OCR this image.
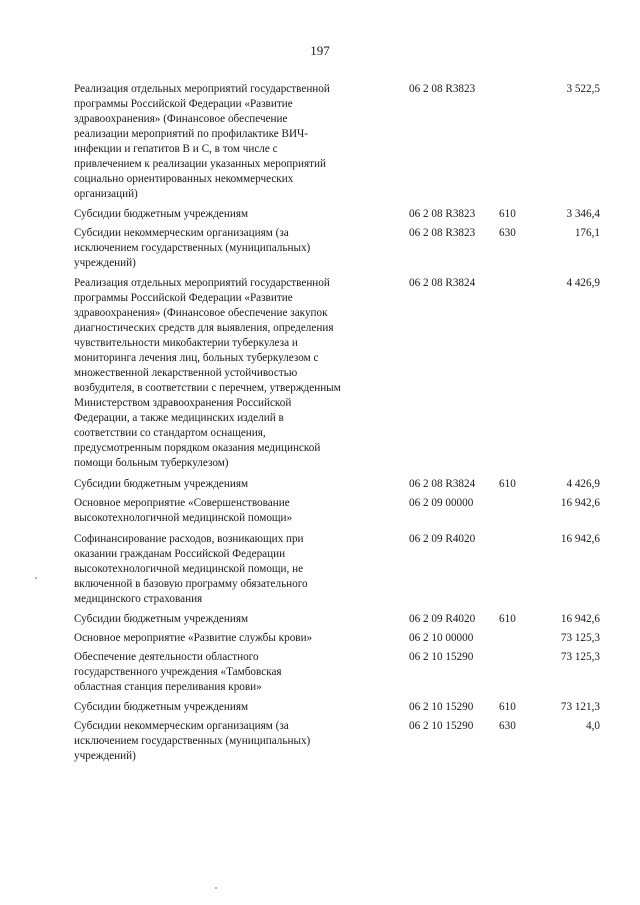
197
Реализация отдельных мероприятий государственной
программы Российской Федерации «Развитие
здравоохранения» (Финансовое обеспечение
реализации мероприятий по профилактике ВИЧ-
инфекции и гепатитов В и С, в том числе с
привлечением к реализации указанных мероприятий
социально ориентированных некоммерческих
организаций)
06 2 08 R3823	3 522,5
Субсидии бюджетным учреждениям	06 2 08 R3823 610	3 346,4
Субсидии некоммерческим организациям (за
исключением государственных (муниципальных)
учреждений)
06 2 08 R3823 630	176,1
Реализация отдельных мероприятий государственной
программы Российской Федерации «Развитие
здравоохранения» (Финансовое обеспечение закупок
диагностических средств для выявления, определения
чувствительности микобактерии туберкулеза и
мониторинга лечения лиц, больных туберкулезом с
множественной лекарственной устойчивостью
возбудителя, в соответствии с перечнем, утвержденным
Министерством здравоохранения Российской
Федерации, а также медицинских изделий в
соответствии со стандартом оснащения,
предусмотренным порядком оказания медицинской
помощи больным туберкулезом)
06 2 08 R3824	4 426,9
Субсидии бюджетным учреждениям	06 2 08 R3824 610	4 426,9
Основное мероприятие «Совершенствование
высокотехнологичной медицинской помощи»
06 2 09 00000	16 942,6
Софинансирование расходов, возникающих при
оказании гражданам Российской Федерации
высокотехнологичной медицинской помощи, не
включенной в базовую программу обязательного
медицинского страхования
06 2 09 R4020	16 942,6
Субсидии бюджетным учреждениям	06 2 09 R4020 610	16 942,6
Основное мероприятие «Развитие службы крови»	06 2 10 00000	73 125,3
Обеспечение деятельности областного
государственного учреждения «Тамбовская
областная станция переливания крови»
06 2 10 15290	73 125,3
Субсидии бюджетным учреждениям	06 2 10 15290 610	73 121,3
Субсидии некоммерческим организациям (за
исключением государственных (муниципальных)
учреждений)
06 2 10 15290 630	4,0
